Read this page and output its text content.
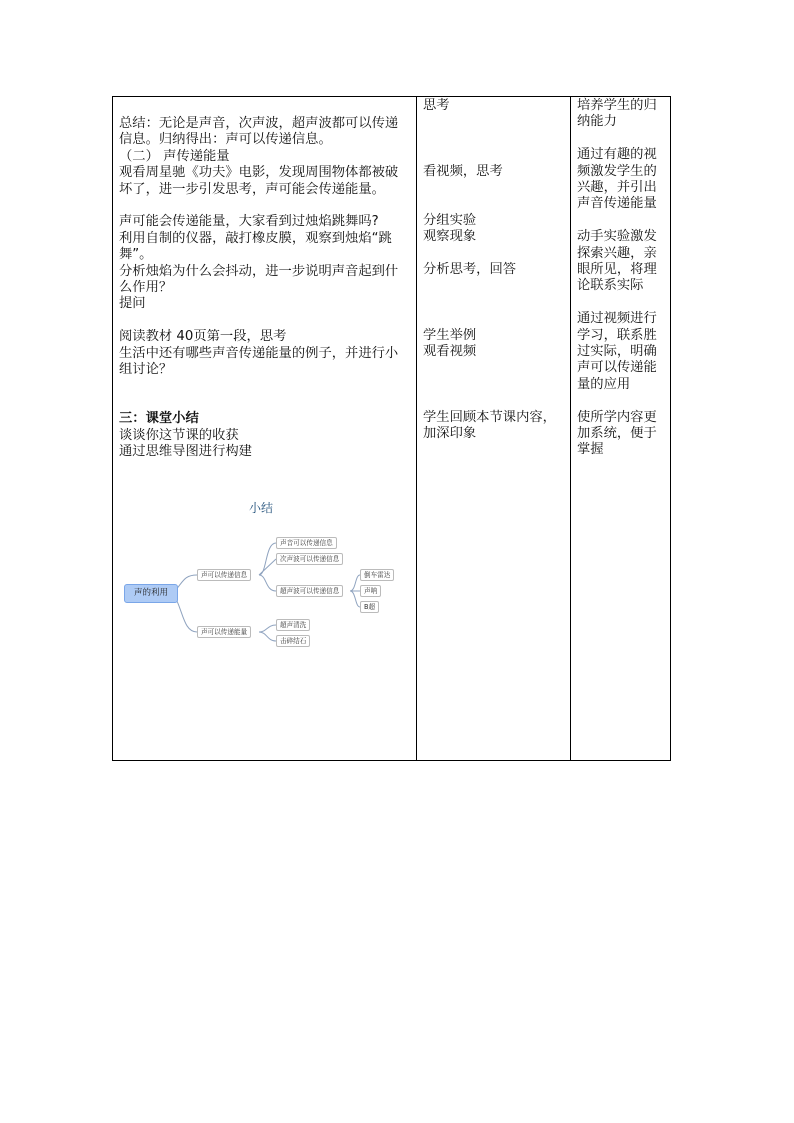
总结：无论是声音，次声波，超声波都可以传递

信息。归纳得出：声可以传递信息。

（二） 声传递能量

观看周星驰《功夫》电影，发现周围物体都被破

坏了，进一步引发思考，声可能会传递能量。

声可能会传递能量，大家看到过烛焰跳舞吗?

利用自制的仪器，敲打橡皮膜，观察到烛焰“跳

舞”。

分析烛焰为什么会抖动，进一步说明声音起到什

么作用？

提问

阅读教材 40页第一段，思考

生活中还有哪些声音传递能量的例子，并进行小

组讨论？

三：课堂小结

谈谈你这节课的收获

通过思维导图进行构建

思考

看视频，思考

分组实验

观察现象

分析思考，回答

学生举例

观看视频

学生回顾本节课内容，

加深印象

培养学生的归

纳能力

通过有趣的视

频激发学生的

兴趣，并引出

声音传递能量

动手实验激发

探索兴趣，亲

眼所见，将理

论联系实际

通过视频进行

学习，联系胜

过实际，明确

声可以传递能

量的应用

使所学内容更

加系统，便于

掌握

小结
声的利用
声可以传递信息
声音可以传递信息
次声波可以传递信息
超声波可以传递信息
倒车雷达
声呐
B超
声可以传递能量
超声清洗
击碎结石
